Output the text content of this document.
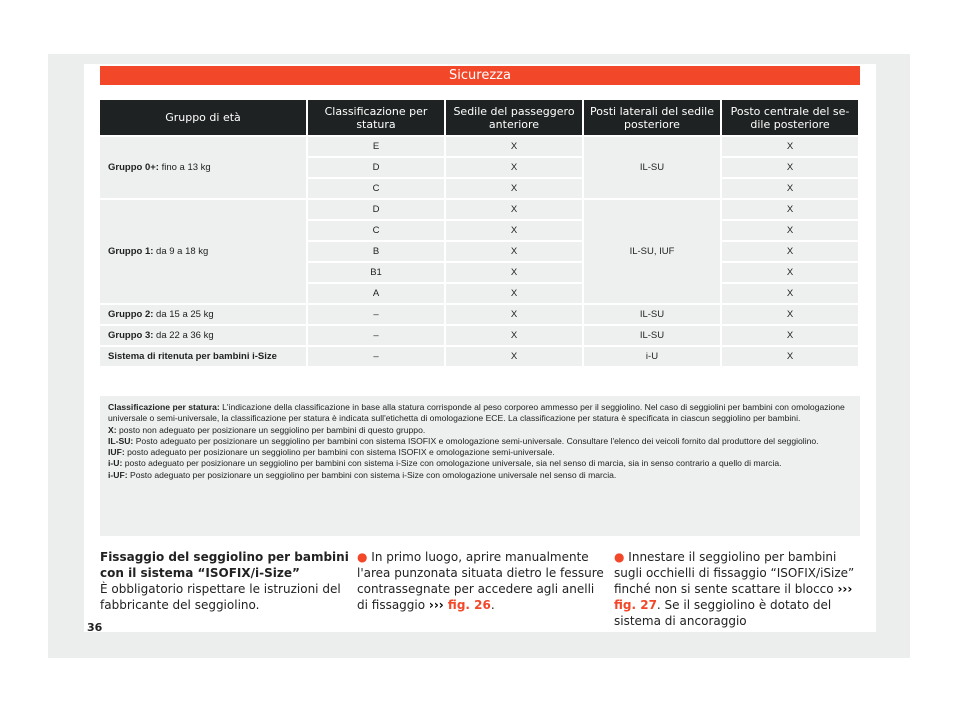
Sicurezza
Gruppo di età	Classificazione per statura	Sedile del passeggero anteriore	Posti laterali del sedile posteriore	Posto centrale del sedile posteriore
Gruppo 0+: fino a 13 kg	E	X	IL-SU	X
	D	X		X
	C	X		X
Gruppo 1: da 9 a 18 kg	D	X	IL-SU, IUF	X
	C	X		X
	B	X		X
	B1	X		X
	A	X		X
Gruppo 2: da 15 a 25 kg	–	X	IL-SU	X
Gruppo 3: da 22 a 36 kg	–	X	IL-SU	X
Sistema di ritenuta per bambini i-Size	–	X	i-U	X

Classificazione per statura: L'indicazione della classificazione in base alla statura corrisponde al peso corporeo ammesso per il seggiolino. Nel caso di seggiolini per bambini con omologazione universale o semi-universale, la classificazione per statura è indicata sull'etichetta di omologazione ECE. La classificazione per statura è specificata in ciascun seggiolino per bambini.

X: posto non adeguato per posizionare un seggiolino per bambini di questo gruppo.

IL-SU: Posto adeguato per posizionare un seggiolino per bambini con sistema ISOFIX e omologazione semi-universale. Consultare l'elenco dei veicoli fornito dal produttore del seggiolino.

IUF: posto adeguato per posizionare un seggiolino per bambini con sistema ISOFIX e omologazione semi-universale.

i-U: posto adeguato per posizionare un seggiolino per bambini con sistema i-Size con omologazione universale, sia nel senso di marcia, sia in senso contrario a quello di marcia.

i-UF: Posto adeguato per posizionare un seggiolino per bambini con sistema i-Size con omologazione universale nel senso di marcia.

Fissaggio del seggiolino per bambini con il sistema “ISOFIX/i-Size”

È obbligatorio rispettare le istruzioni del fabbricante del seggiolino.

● In primo luogo, aprire manualmente l'area punzonata situata dietro le fessure contrassegnate per accedere agli anelli di fissaggio ››› fig. 26.

● Innestare il seggiolino per bambini sugli occhielli di fissaggio “ISOFIX/iSize” finché non si sente scattare il blocco ››› fig. 27. Se il seggiolino è dotato del sistema di ancoraggio

36
